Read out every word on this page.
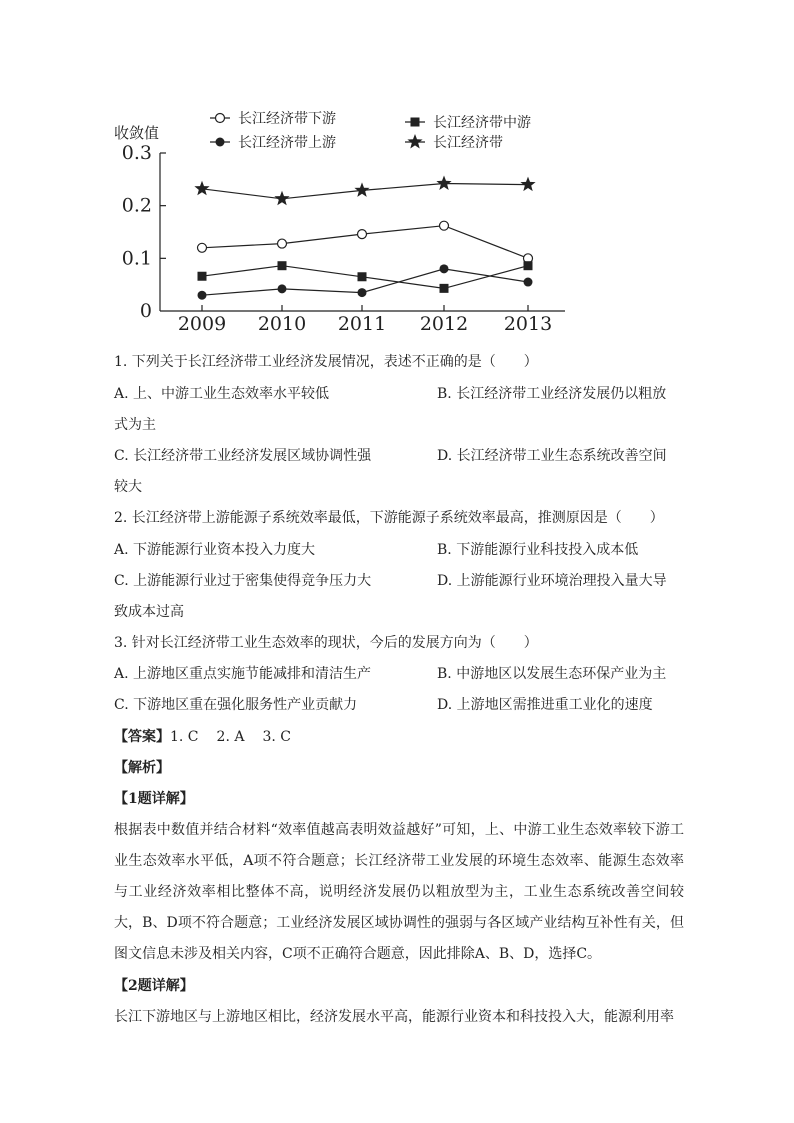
长江经济带下游	长江经济带中游
长江经济带上游	长江经济带
收敛值
0
0.1
0.2
0.3
2009 2010 2011 2012 2013
1. 下列关于长江经济带工业经济发展情况，表述不正确的是（　　）
A. 上、中游工业生态效率水平较低	B. 长江经济带工业经济发展仍以粗放
式为主
C. 长江经济带工业经济发展区域协调性强	D. 长江经济带工业生态系统改善空间
较大
2. 长江经济带上游能源子系统效率最低，下游能源子系统效率最高，推测原因是（　　）
A. 下游能源行业资本投入力度大	B. 下游能源行业科技投入成本低
C. 上游能源行业过于密集使得竞争压力大	D. 上游能源行业环境治理投入量大导
致成本过高
3. 针对长江经济带工业生态效率的现状，今后的发展方向为（　　）
A. 上游地区重点实施节能减排和清洁生产	B. 中游地区以发展生态环保产业为主
C. 下游地区重在强化服务性产业贡献力	D. 上游地区需推进重工业化的速度
【答案】1. C 2. A 3. C
【解析】
【1题详解】
根据表中数值并结合材料“效率值越高表明效益越好”可知，上、中游工业生态效率较下游工业生态效率水平低，A项不符合题意；长江经济带工业发展的环境生态效率、能源生态效率与工业经济效率相比整体不高，说明经济发展仍以粗放型为主，工业生态系统改善空间较大，B、D项不符合题意；工业经济发展区域协调性的强弱与各区域产业结构互补性有关，但图文信息未涉及相关内容，C项不正确符合题意，因此排除A、B、D，选择C。
【2题详解】
长江下游地区与上游地区相比，经济发展水平高，能源行业资本和科技投入大，能源利用率
